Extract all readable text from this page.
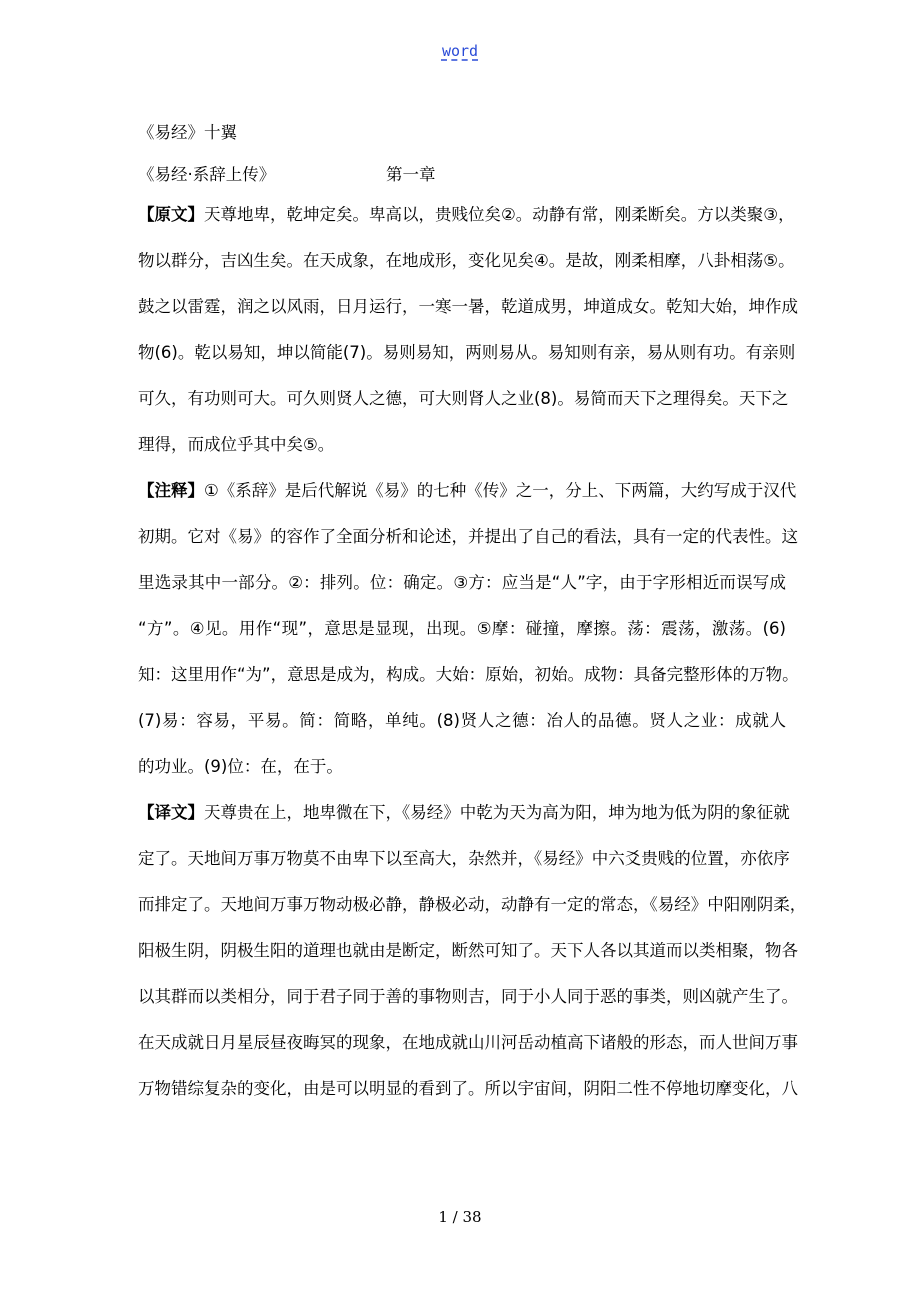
word
《易经》十翼
《易经·系辞上传》	第一章
【原文】天尊地卑，乾坤定矣。卑高以，贵贱位矣②。动静有常，刚柔断矣。方以类聚③，
物以群分，吉凶生矣。在天成象，在地成形，变化见矣④。是故，刚柔相摩，八卦相荡⑤。
鼓之以雷霆，润之以风雨，日月运行，一寒一暑，乾道成男，坤道成女。乾知大始，坤作成
物(6)。乾以易知，坤以简能(7)。易则易知，两则易从。易知则有亲，易从则有功。有亲则
可久，有功则可大。可久则贤人之德，可大则肾人之业(8)。易简而天下之理得矣。天下之
理得，而成位乎其中矣⑤。
【注释】①《系辞》是后代解说《易》的七种《传》之一，分上、下两篇，大约写成于汉代
初期。它对《易》的容作了全面分析和论述，并提出了自己的看法，具有一定的代表性。这
里选录其中一部分。②：排列。位：确定。③方：应当是“人”字，由于字形相近而误写成
“方”。④见。用作“现”，意思是显现，出现。⑤摩：碰撞，摩擦。荡：震荡，激荡。(6)
知：这里用作“为”，意思是成为，构成。大始：原始，初始。成物：具备完整形体的万物。
(7)易：容易，平易。简：简略，单纯。(8)贤人之德：冶人的品德。贤人之业：成就人
的功业。(9)位：在，在于。
【译文】天尊贵在上，地卑微在下，《易经》中乾为天为高为阳，坤为地为低为阴的象征就
定了。天地间万事万物莫不由卑下以至高大，杂然并，《易经》中六爻贵贱的位置，亦依序
而排定了。天地间万事万物动极必静，静极必动，动静有一定的常态，《易经》中阳刚阴柔，
阳极生阴，阴极生阳的道理也就由是断定，断然可知了。天下人各以其道而以类相聚，物各
以其群而以类相分，同于君子同于善的事物则吉，同于小人同于恶的事类，则凶就产生了。
在天成就日月星辰昼夜晦冥的现象，在地成就山川河岳动植高下诸般的形态，而人世间万事
万物错综复杂的变化，由是可以明显的看到了。所以宇宙间，阴阳二性不停地切摩变化，八
1 / 38
